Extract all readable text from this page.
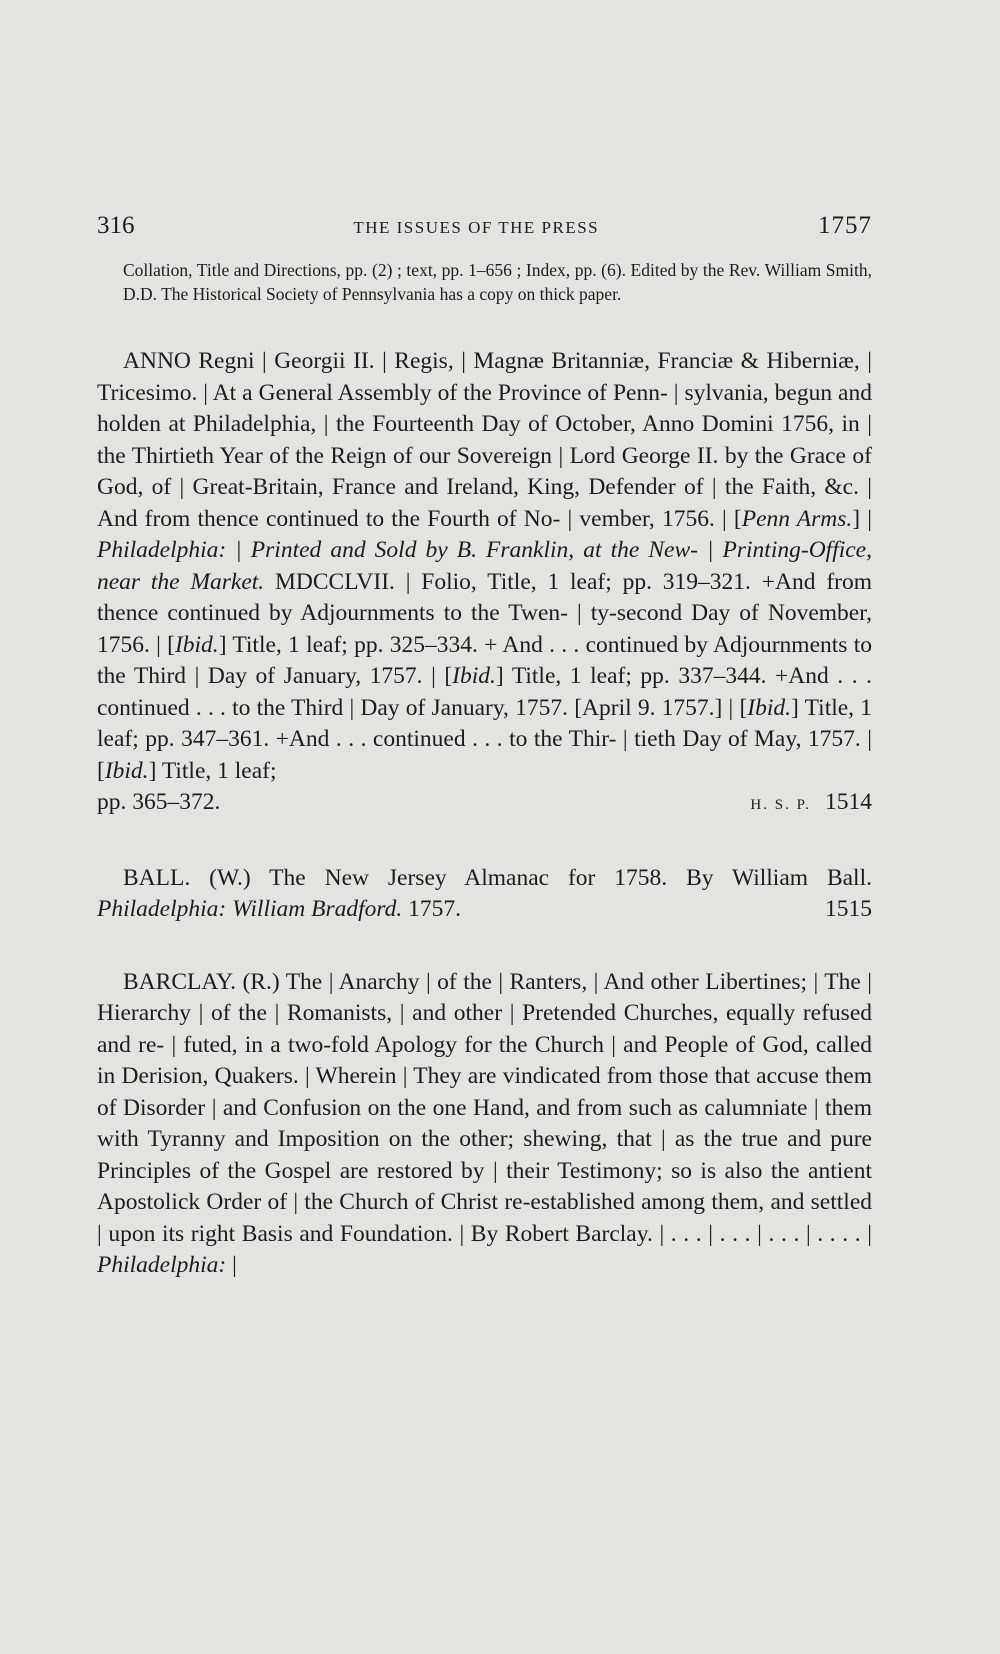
316	THE ISSUES OF THE PRESS	1757
Collation, Title and Directions, pp. (2) ; text, pp. 1–656 ; Index, pp. (6). Edited by the Rev. William Smith, D.D. The Historical Society of Pennsylvania has a copy on thick paper.
ANNO Regni | Georgii II. | Regis, | Magnæ Britanniæ, Franciæ & Hiberniæ, | Tricesimo. | At a General Assembly of the Province of Penn- | sylvania, begun and holden at Philadelphia, | the Fourteenth Day of October, Anno Domini 1756, in | the Thirtieth Year of the Reign of our Sovereign | Lord George II. by the Grace of God, of | Great-Britain, France and Ireland, King, Defender of | the Faith, &c. | And from thence continued to the Fourth of No- | vember, 1756. | [Penn Arms.] | Philadelphia: | Printed and Sold by B. Franklin, at the New- | Printing-Office, near the Market. MDCCLVII. | Folio, Title, 1 leaf; pp. 319–321. +And from thence continued by Adjournments to the Twen- | ty-second Day of November, 1756. | [Ibid.] Title, 1 leaf; pp. 325–334. + And . . . continued by Adjournments to the Third | Day of January, 1757. | [Ibid.] Title, 1 leaf; pp. 337–344. +And . . . continued . . . to the Third | Day of January, 1757. [April 9. 1757.] | [Ibid.] Title, 1 leaf; pp. 347–361. +And . . . continued . . . to the Thir- | tieth Day of May, 1757. | [Ibid.] Title, 1 leaf;
pp. 365–372.	H. S. P. 1514
BALL. (W.) The New Jersey Almanac for 1758. By William Ball. Philadelphia: William Bradford. 1757.	1515
BARCLAY. (R.) The | Anarchy | of the | Ranters, | And other Libertines; | The | Hierarchy | of the | Romanists, | and other | Pretended Churches, equally refused and re- | futed, in a two-fold Apology for the Church | and People of God, called in Derision, Quakers. | Wherein | They are vindicated from those that accuse them of Disorder | and Confusion on the one Hand, and from such as calumniate | them with Tyranny and Imposition on the other; shewing, that | as the true and pure Principles of the Gospel are restored by | their Testimony; so is also the antient Apostolick Order of | the Church of Christ re-established among them, and settled | upon its right Basis and Foundation. | By Robert Barclay. | . . . | . . . | . . . | . . . . | Philadelphia: |
